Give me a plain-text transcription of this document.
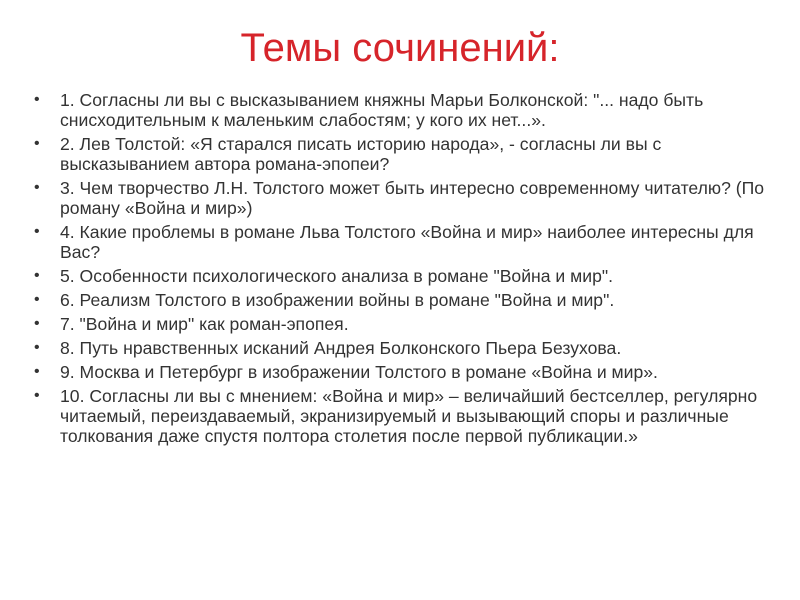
Темы сочинений:
•	1. Согласны ли вы с высказыванием княжны Марьи Болконской: "... надо быть снисходительным к маленьким слабостям; у кого их нет...».
•	2. Лев Толстой: «Я старался писать историю народа», - согласны ли вы с высказыванием автора романа-эпопеи?
•	3. Чем творчество Л.Н. Толстого может быть интересно современному читателю? (По роману «Война и мир»)
•	4. Какие проблемы в романе Льва Толстого «Война и мир» наиболее интересны для Вас?
•	5. Особенности психологического анализа в романе "Война и мир".
•	6. Реализм Толстого в изображении войны в романе "Война и мир".
•	7. "Война и мир" как роман-эпопея.
•	8. Путь нравственных исканий Андрея Болконского Пьера Безухова.
•	9. Москва и Петербург в изображении Толстого в романе «Война и мир».
•	10. Согласны ли вы с мнением: «Война и мир» – величайший бестселлер, регулярно читаемый, переиздаваемый, экранизируемый и вызывающий споры и различные толкования даже спустя полтора столетия после первой публикации.»
